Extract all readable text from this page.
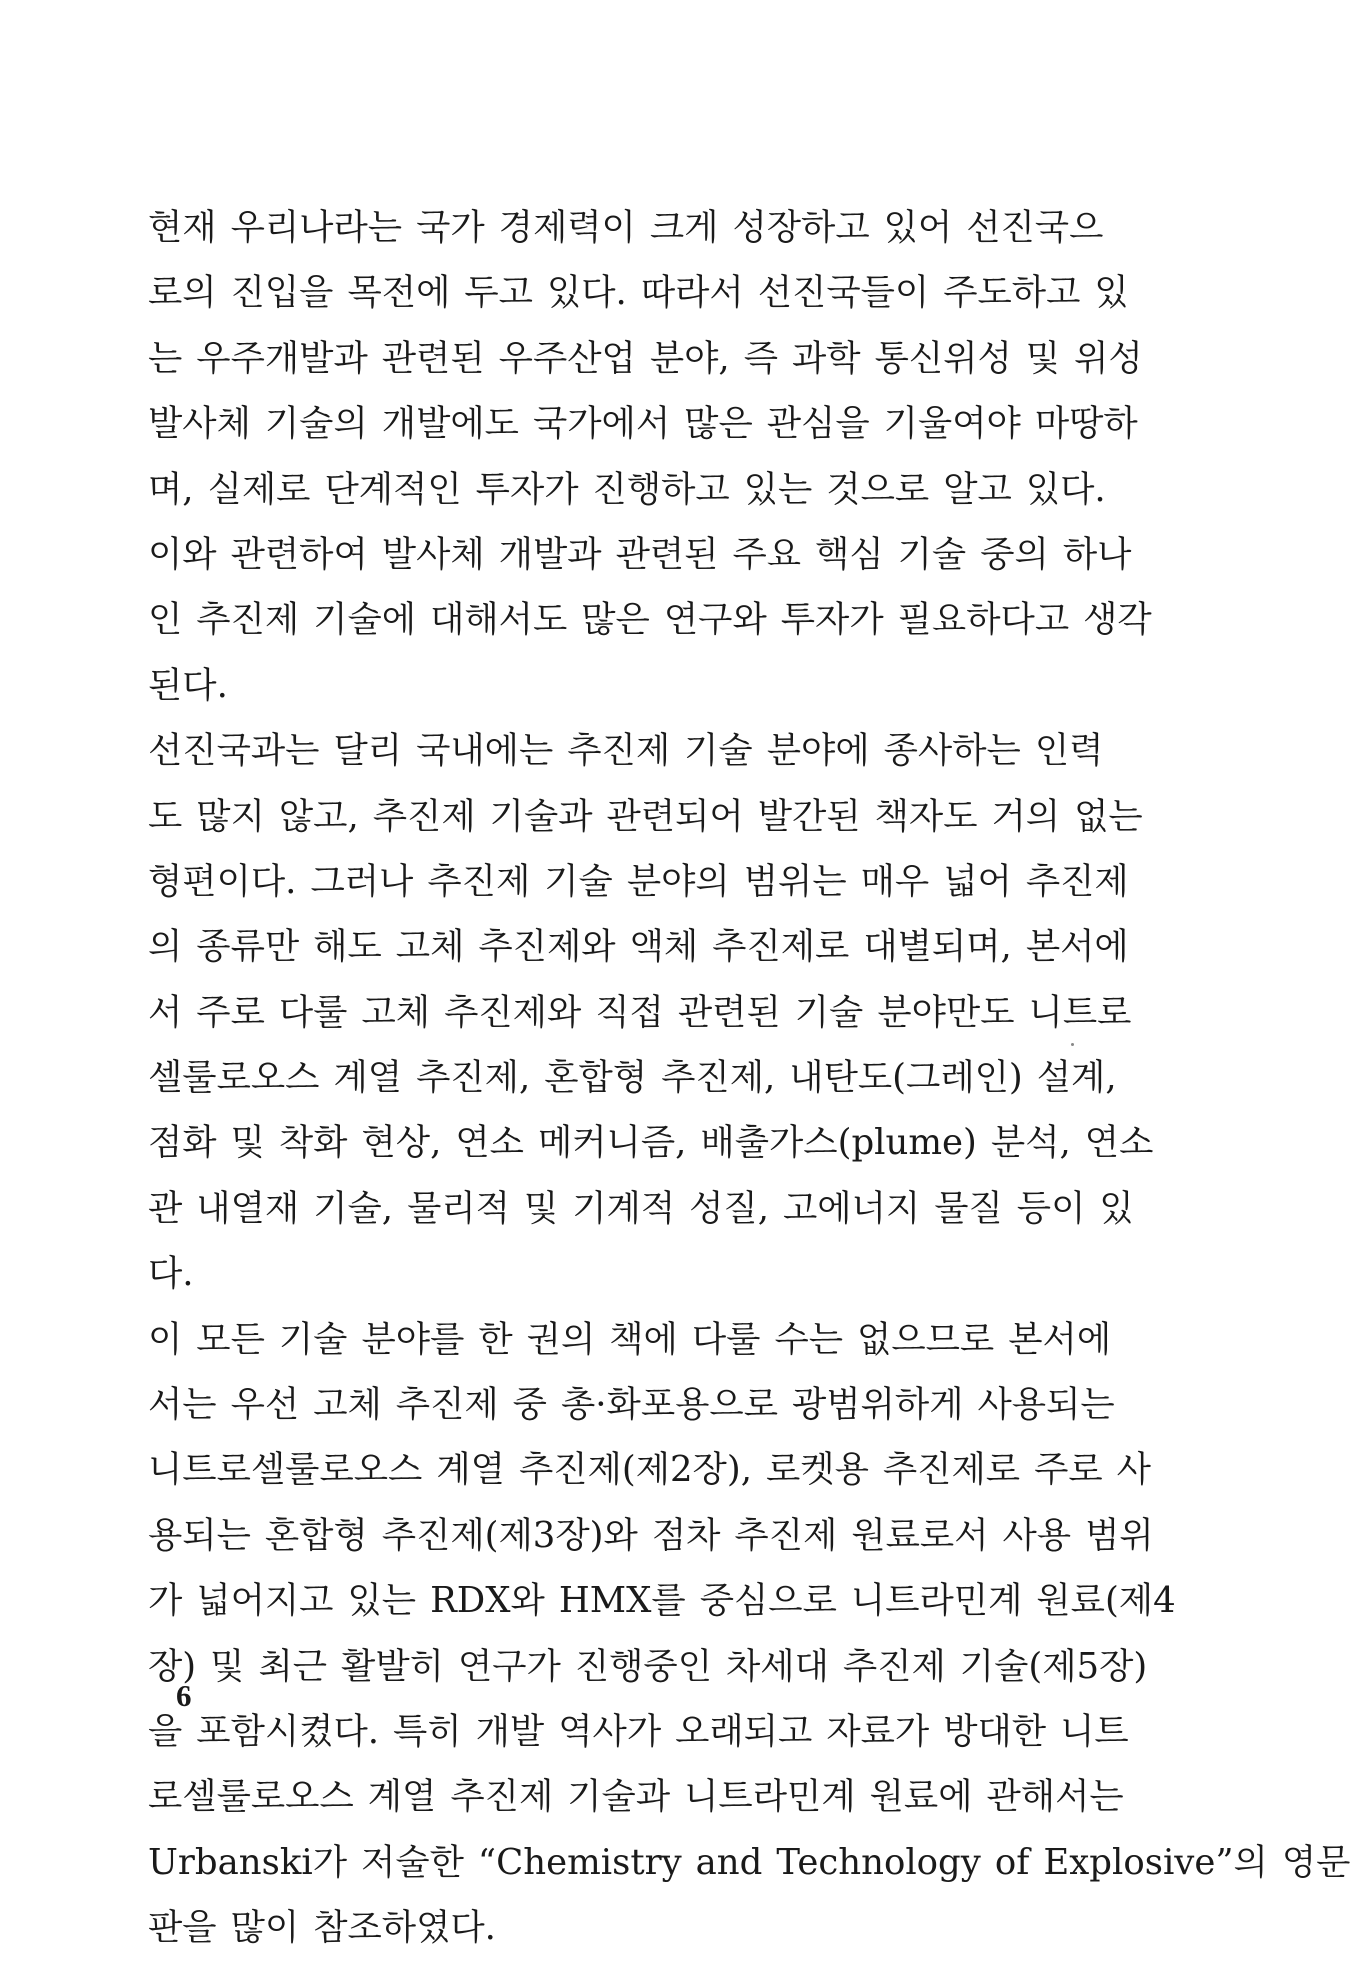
현재 우리나라는 국가 경제력이 크게 성장하고 있어 선진국으
로의 진입을 목전에 두고 있다. 따라서 선진국들이 주도하고 있
는 우주개발과 관련된 우주산업 분야, 즉 과학 통신위성 및 위성
발사체 기술의 개발에도 국가에서 많은 관심을 기울여야 마땅하
며, 실제로 단계적인 투자가 진행하고 있는 것으로 알고 있다.
이와 관련하여 발사체 개발과 관련된 주요 핵심 기술 중의 하나
인 추진제 기술에 대해서도 많은 연구와 투자가 필요하다고 생각
된다.
선진국과는 달리 국내에는 추진제 기술 분야에 종사하는 인력
도 많지 않고, 추진제 기술과 관련되어 발간된 책자도 거의 없는
형편이다. 그러나 추진제 기술 분야의 범위는 매우 넓어 추진제
의 종류만 해도 고체 추진제와 액체 추진제로 대별되며, 본서에
서 주로 다룰 고체 추진제와 직접 관련된 기술 분야만도 니트로
셀룰로오스 계열 추진제, 혼합형 추진제, 내탄도(그레인) 설계,
점화 및 착화 현상, 연소 메커니즘, 배출가스(plume) 분석, 연소
관 내열재 기술, 물리적 및 기계적 성질, 고에너지 물질 등이 있
다.
이 모든 기술 분야를 한 권의 책에 다룰 수는 없으므로 본서에
서는 우선 고체 추진제 중 총·화포용으로 광범위하게 사용되는
니트로셀룰로오스 계열 추진제(제2장), 로켓용 추진제로 주로 사
용되는 혼합형 추진제(제3장)와 점차 추진제 원료로서 사용 범위
가 넓어지고 있는 RDX와 HMX를 중심으로 니트라민계 원료(제4
장) 및 최근 활발히 연구가 진행중인 차세대 추진제 기술(제5장)
을 포함시켰다. 특히 개발 역사가 오래되고 자료가 방대한 니트
로셀룰로오스 계열 추진제 기술과 니트라민계 원료에 관해서는
Urbanski가 저술한 “Chemistry and Technology of Explosive”의 영문
판을 많이 참조하였다.
6
